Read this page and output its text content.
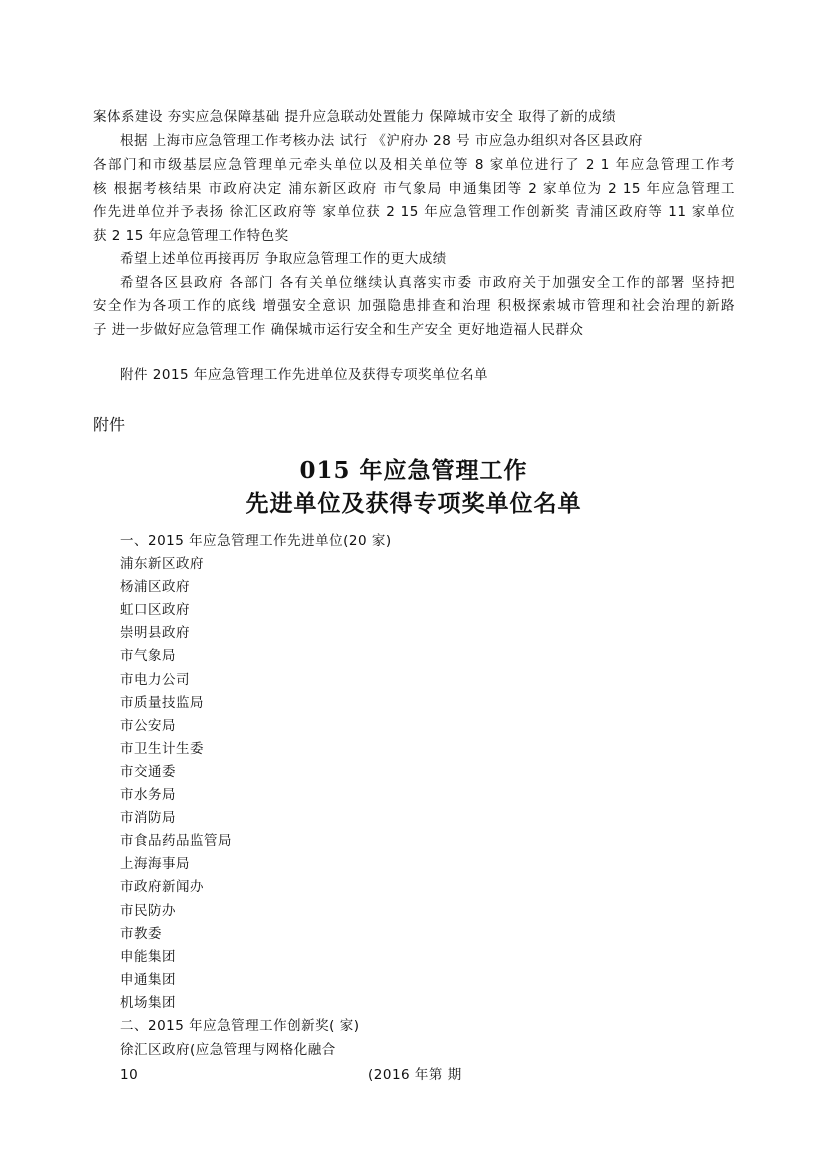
案体系建设 夯实应急保障基础 提升应急联动处置能力 保障城市安全 取得了新的成绩
根据 上海市应急管理工作考核办法 试行 《沪府办 28 号 市应急办组织对各区县政府
各部门和市级基层应急管理单元牵头单位以及相关单位等 8 家单位进行了 2 1 年应急管理工作考
核 根据考核结果 市政府决定 浦东新区政府 市气象局 申通集团等 2 家单位为 2 15 年应急管理工
作先进单位并予表扬 徐汇区政府等 家单位获 2 15 年应急管理工作创新奖 青浦区政府等 11 家单位
获 2 15 年应急管理工作特色奖
希望上述单位再接再厉 争取应急管理工作的更大成绩
希望各区县政府 各部门 各有关单位继续认真落实市委 市政府关于加强安全工作的部署 坚持把
安全作为各项工作的底线 增强安全意识 加强隐患排查和治理 积极探索城市管理和社会治理的新路
子 进一步做好应急管理工作 确保城市运行安全和生产安全 更好地造福人民群众
附件 2015 年应急管理工作先进单位及获得专项奖单位名单
附件
015 年应急管理工作
先进单位及获得专项奖单位名单
一、2015 年应急管理工作先进单位(20 家)
浦东新区政府
杨浦区政府
虹口区政府
崇明县政府
市气象局
市电力公司
市质量技监局
市公安局
市卫生计生委
市交通委
市水务局
市消防局
市食品药品监管局
上海海事局
市政府新闻办
市民防办
市教委
申能集团
申通集团
机场集团
二、2015 年应急管理工作创新奖( 家)
徐汇区政府(应急管理与网格化融合
10	(2016 年第 期
